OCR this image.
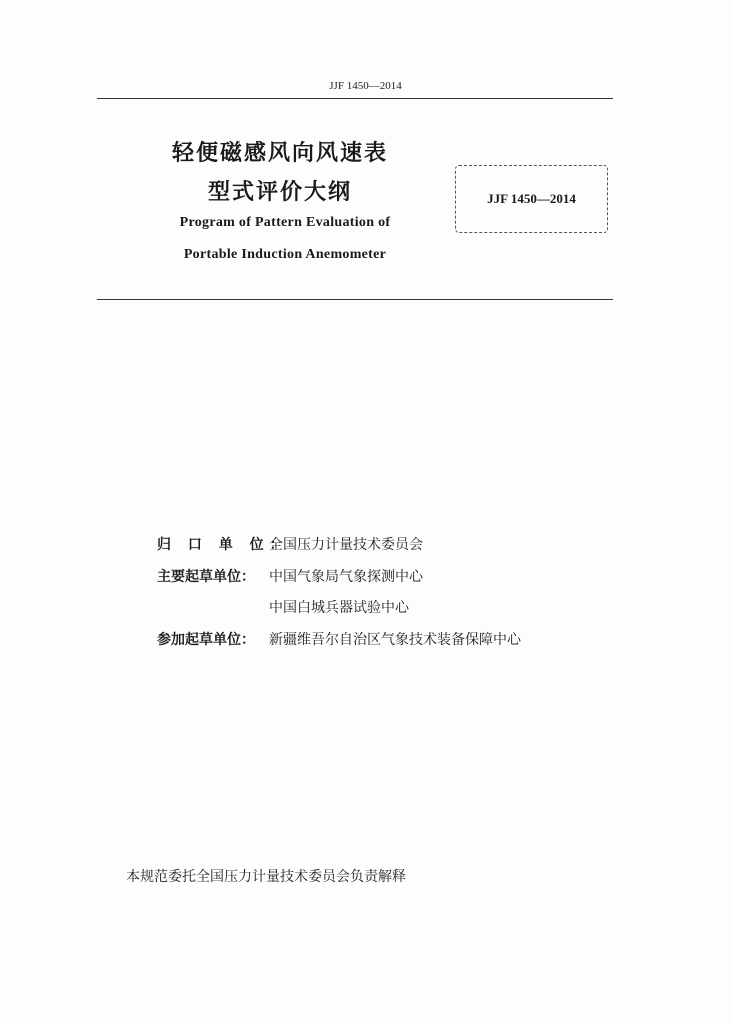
JJF 1450—2014
轻便磁感风向风速表
型式评价大纲
Program of Pattern Evaluation of
Portable Induction Anemometer
JJF 1450—2014
归 口 单 位：全国压力计量技术委员会
主要起草单位： 中国气象局气象探测中心
中国白城兵器试验中心
参加起草单位： 新疆维吾尔自治区气象技术装备保障中心
本规范委托全国压力计量技术委员会负责解释
